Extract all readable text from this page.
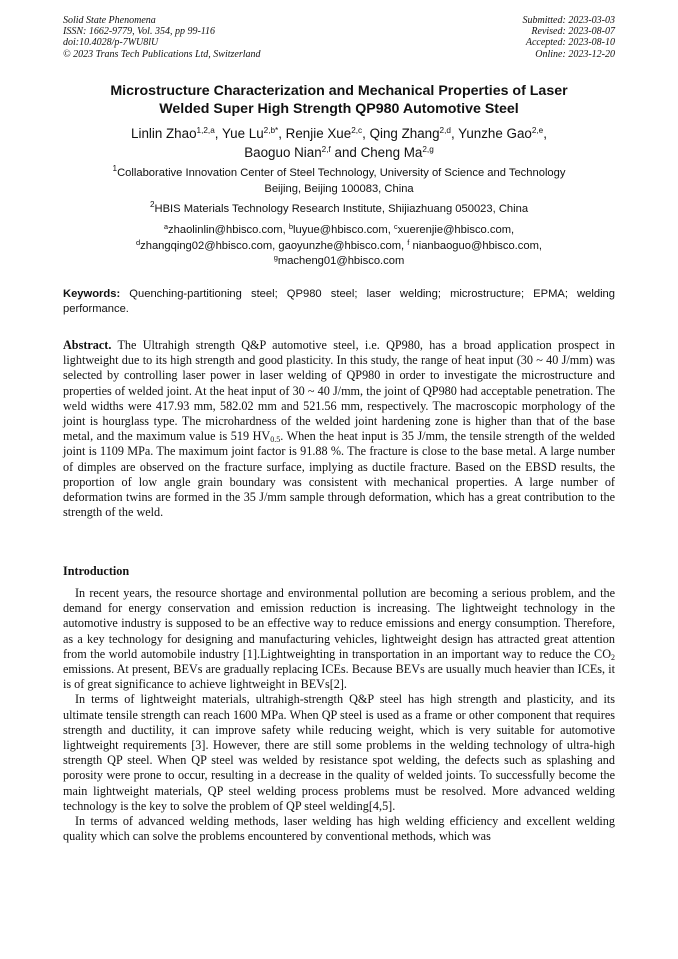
Solid State Phenomena
ISSN: 1662-9779, Vol. 354, pp 99-116
doi:10.4028/p-7WU8lU
© 2023 Trans Tech Publications Ltd, Switzerland
Submitted: 2023-03-03
Revised: 2023-08-07
Accepted: 2023-08-10
Online: 2023-12-20
Microstructure Characterization and Mechanical Properties of Laser
Welded Super High Strength QP980 Automotive Steel
Linlin Zhao$^{1,2,a}$, Yue $Lu^{2,b*}$, Renjie Xue$^{2,c}$, Qing Zhang$^{2,d}$, Yunzhe Gao$^{2,e}$,
Baoguo Nian$^{2,f}$ and Cheng Ma$^{2,g}$
$^1$Collaborative Innovation Center of Steel Technology, University of Science and Technology
Beijing, Beijing 100083, China
$^2$HBIS Materials Technology Research Institute, Shijiazhuang 050023, China
$^a$zhaolinlin@hbisco.com, $^b$luyue@hbisco.com, $^c$xuerenjie@hbisco.com,
$^d$zhangqing02@hbisco.com, gaoyunzhe@hbisco.com, $^f$ nianbaoguo@hbisco.com,
$^g$macheng01@hbisco.com
Keywords: Quenching-partitioning steel; QP980 steel; laser welding; microstructure; EPMA; welding performance.
Abstract. The Ultrahigh strength Q&P automotive steel, i.e. QP980, has a broad application prospect in lightweight due to its high strength and good plasticity. In this study, the range of heat input (30 ~ 40 J/mm) was selected by controlling laser power in laser welding of QP980 in order to investigate the microstructure and properties of welded joint. At the heat input of 30 ~ 40 J/mm, the joint of QP980 had acceptable penetration. The weld widths were 417.93 mm, 582.02 mm and 521.56 mm, respectively. The macroscopic morphology of the joint is hourglass type. The microhardness of the welded joint hardening zone is higher than that of the base metal, and the maximum value is 519 $HV_{0.5}$. When the heat input is 35 J/mm, the tensile strength of the welded joint is 1109 MPa. The maximum joint factor is 91.88 %. The fracture is close to the base metal. A large number of dimples are observed on the fracture surface, implying as ductile fracture. Based on the EBSD results, the proportion of low angle grain boundary was consistent with mechanical properties. A large number of deformation twins are formed in the 35 J/mm sample through deformation, which has a great contribution to the strength of the weld.
Introduction

In recent years, the resource shortage and environmental pollution are becoming a serious problem, and the demand for energy conservation and emission reduction is increasing. The lightweight technology in the automotive industry is supposed to be an effective way to reduce emissions and energy consumption. Therefore, as a key technology for designing and manufacturing vehicles, lightweight design has attracted great attention from the world automobile industry [1].Lightweighting in transportation in an important way to reduce the $CO_2$ emissions. At present, BEVs are gradually replacing ICEs. Because BEVs are usually much heavier than ICEs, it is of great significance to achieve lightweight in BEVs[2].

In terms of lightweight materials, ultrahigh-strength Q&P steel has high strength and plasticity, and its ultimate tensile strength can reach 1600 MPa. When QP steel is used as a frame or other component that requires strength and ductility, it can improve safety while reducing weight, which is very suitable for automotive lightweight requirements [3]. However, there are still some problems in the welding technology of ultra-high strength QP steel. When QP steel was welded by resistance spot welding, the defects such as splashing and porosity were prone to occur, resulting in a decrease in the quality of welded joints. To successfully become the main lightweight materials, QP steel welding process problems must be resolved. More advanced welding technology is the key to solve the problem of QP steel welding[4,5].

In terms of advanced welding methods, laser welding has high welding efficiency and excellent welding quality which can solve the problems encountered by conventional methods, which was
